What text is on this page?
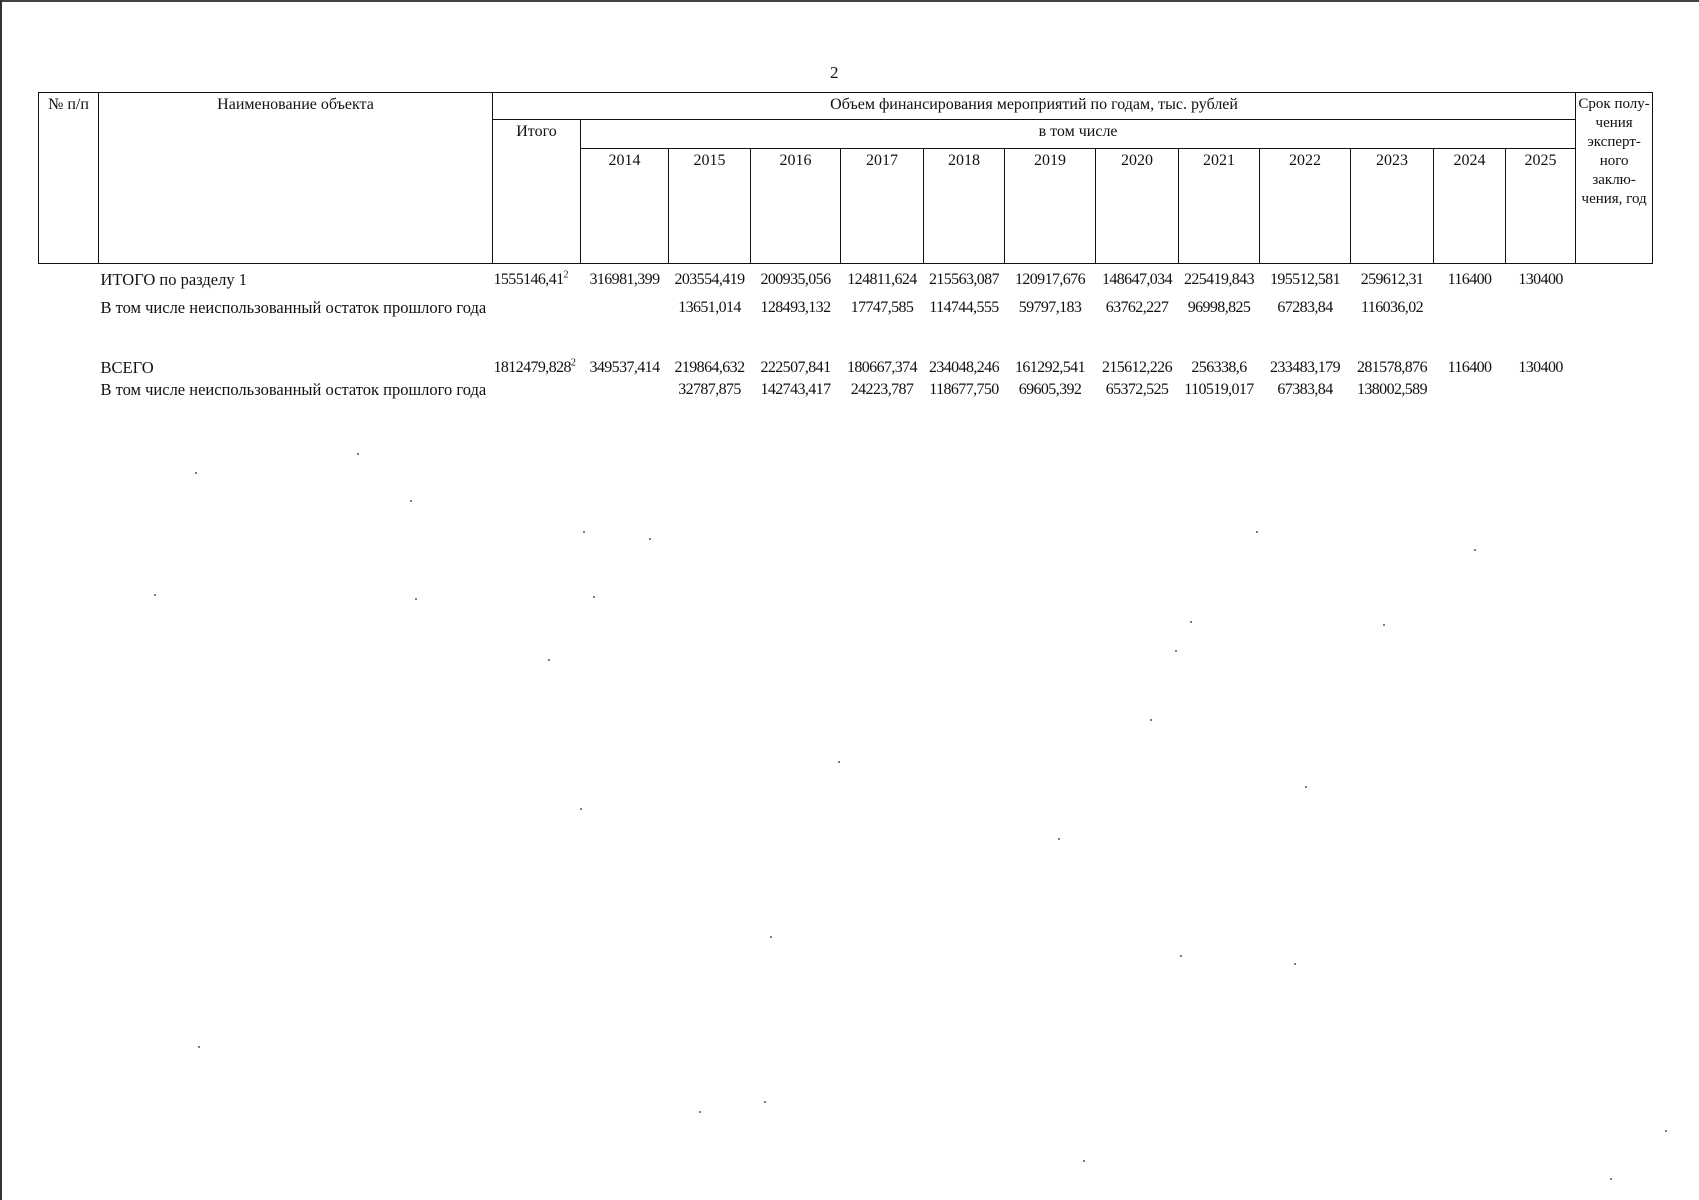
2
№ п/п	Наименование объекта	Объем финансирования мероприятий по годам, тыс. рублей													Срок полу- чения эксперт- ного заклю- чения, год
		Итого	в том числе												
			2014	2015	2016	2017	2018	2019	2020	2021	2022	2023	2024	2025	
	ИТОГО по разделу 1	1555146,41$^2$	316981,399	203554,419	200935,056	124811,624	215563,087	120917,676	148647,034	225419,843	195512,581	259612,31	116400	130400	
	В том числе неиспользованный остаток прошлого года			13651,014	128493,132	17747,585	114744,555	59797,183	63762,227	96998,825	67283,84	116036,02			
	ВСЕГО	1812479,828$^2$	349537,414	219864,632	222507,841	180667,374	234048,246	161292,541	215612,226	256338,6	233483,179	281578,876	116400	130400	
	В том числе неиспользованный остаток прошлого года			32787,875	142743,417	24223,787	118677,750	69605,392	65372,525	110519,017	67383,84	138002,589			
